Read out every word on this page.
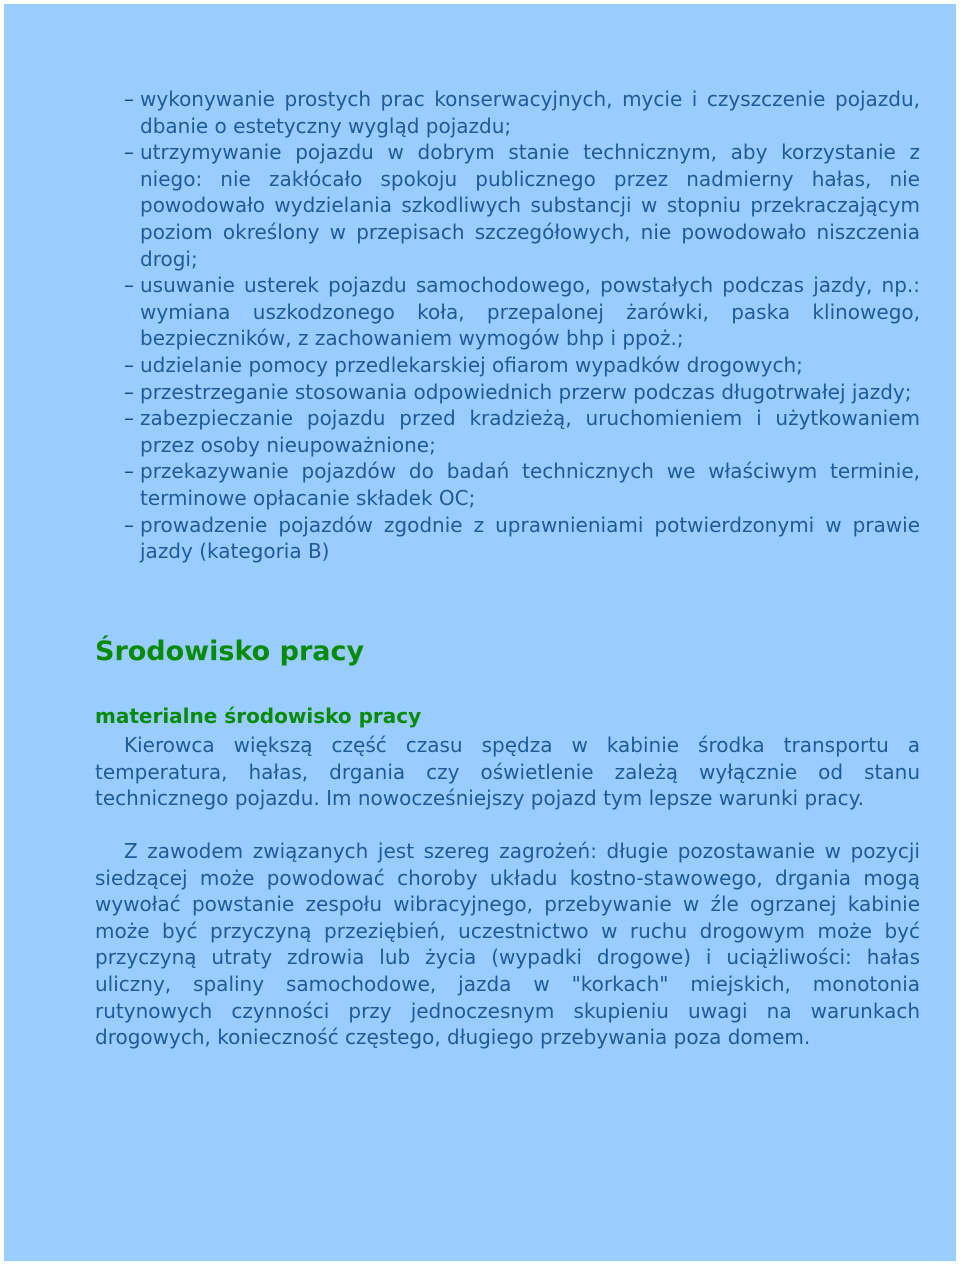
– wykonywanie prostych prac konserwacyjnych, mycie i czyszczenie pojazdu, dbanie o estetyczny wygląd pojazdu;
– utrzymywanie pojazdu w dobrym stanie technicznym, aby korzystanie z niego: nie zakłócało spokoju publicznego przez nadmierny hałas, nie powodowało wydzielania szkodliwych substancji w stopniu przekraczającym poziom określony w przepisach szczegółowych, nie powodowało niszczenia drogi;
– usuwanie usterek pojazdu samochodowego, powstałych podczas jazdy, np.: wymiana uszkodzonego koła, przepalonej żarówki, paska klinowego, bezpieczników, z zachowaniem wymogów bhp i ppoż.;
– udzielanie pomocy przedlekarskiej ofiarom wypadków drogowych;
– przestrzeganie stosowania odpowiednich przerw podczas długotrwałej jazdy;
– zabezpieczanie pojazdu przed kradzieżą, uruchomieniem i użytkowaniem przez osoby nieupoważnione;
– przekazywanie pojazdów do badań technicznych we właściwym terminie, terminowe opłacanie składek OC;
– prowadzenie pojazdów zgodnie z uprawnieniami potwierdzonymi w prawie jazdy (kategoria B)
Środowisko pracy
materialne środowisko pracy

Kierowca większą część czasu spędza w kabinie środka transportu a temperatura, hałas, drgania czy oświetlenie zależą wyłącznie od stanu technicznego pojazdu. Im nowocześniejszy pojazd tym lepsze warunki pracy.

Z zawodem związanych jest szereg zagrożeń: długie pozostawanie w pozycji siedzącej może powodować choroby układu kostno-stawowego, drgania mogą wywołać powstanie zespołu wibracyjnego, przebywanie w źle ogrzanej kabinie może być przyczyną przeziębień, uczestnictwo w ruchu drogowym może być przyczyną utraty zdrowia lub życia (wypadki drogowe) i uciążliwości: hałas uliczny, spaliny samochodowe, jazda w "korkach" miejskich, monotonia rutynowych czynności przy jednoczesnym skupieniu uwagi na warunkach drogowych, konieczność częstego, długiego przebywania poza domem.
